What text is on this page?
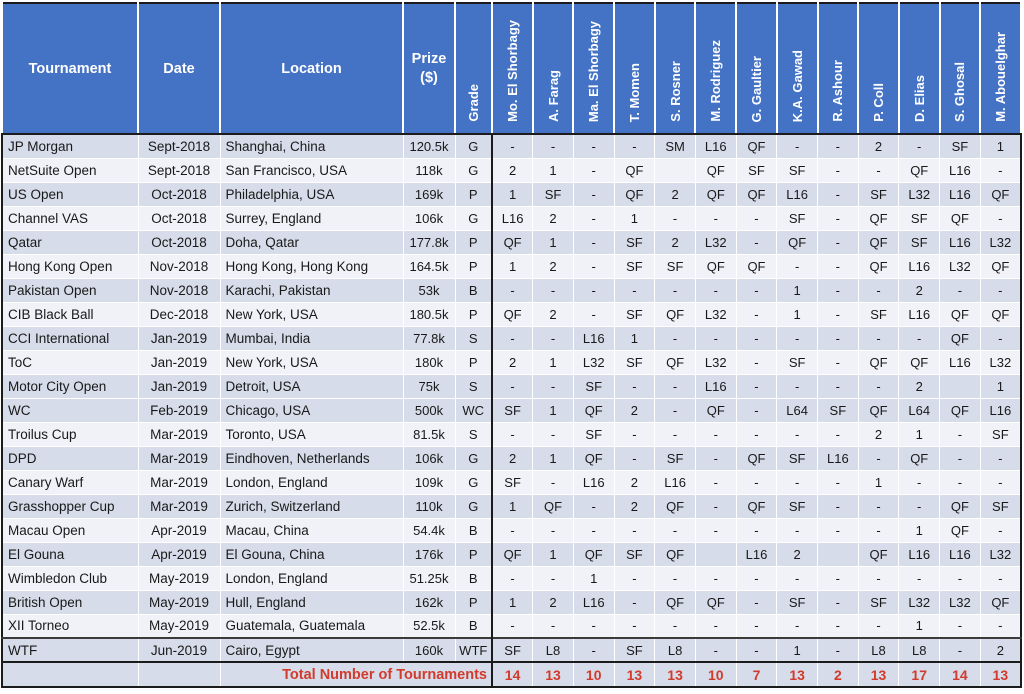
Tournament	Date	Location	Prize ($)	Grade	Mo. El Shorbagy	A. Farag	Ma. El Shorbagy	T. Momen	S. Rosner	M. Rodriguez	G. Gaultier	K.A. Gawad	R. Ashour	P. Coll	D. Elias	S. Ghosal	M. Abouelghar
JP Morgan	Sept-2018	Shanghai, China	120.5k	G	-	-	-	-	SM	L16	QF	-	-	2	-	SF	1
NetSuite Open	Sept-2018	San Francisco, USA	118k	G	2	1	-	QF		QF	SF	SF	-	-	QF	L16	-
US Open	Oct-2018	Philadelphia, USA	169k	P	1	SF	-	QF	2	QF	QF	L16	-	SF	L32	L16	QF
Channel VAS	Oct-2018	Surrey, England	106k	G	L16	2	-	1	-	-	-	SF	-	QF	SF	QF	-
Qatar	Oct-2018	Doha, Qatar	177.8k	P	QF	1	-	SF	2	L32	-	QF	-	QF	SF	L16	L32
Hong Kong Open	Nov-2018	Hong Kong, Hong Kong	164.5k	P	1	2	-	SF	SF	QF	QF	-	-	QF	L16	L32	QF
Pakistan Open	Nov-2018	Karachi, Pakistan	53k	B	-	-	-	-	-	-	-	1	-	-	2	-	-
CIB Black Ball	Dec-2018	New York, USA	180.5k	P	QF	2	-	SF	QF	L32	-	1	-	SF	L16	QF	QF
CCI International	Jan-2019	Mumbai, India	77.8k	S	-	-	L16	1	-	-	-	-	-	-	-	QF	-
ToC	Jan-2019	New York, USA	180k	P	2	1	L32	SF	QF	L32	-	SF	-	QF	QF	L16	L32
Motor City Open	Jan-2019	Detroit, USA	75k	S	-	-	SF	-	-	L16	-	-	-	-	2		1
WC	Feb-2019	Chicago, USA	500k	WC	SF	1	QF	2	-	QF	-	L64	SF	QF	L64	QF	L16
Troilus Cup	Mar-2019	Toronto, USA	81.5k	S	-	-	SF	-	-	-	-	-	-	2	1	-	SF
DPD	Mar-2019	Eindhoven, Netherlands	106k	G	2	1	QF	-	SF	-	QF	SF	L16	-	QF	-	-
Canary Warf	Mar-2019	London, England	109k	G	SF	-	L16	2	L16	-	-	-	-	1	-	-	-
Grasshopper Cup	Mar-2019	Zurich, Switzerland	110k	G	1	QF	-	2	QF	-	QF	SF	-	-	-	QF	SF
Macau Open	Apr-2019	Macau, China	54.4k	B	-	-	-	-	-	-	-	-	-	-	1	QF	-
El Gouna	Apr-2019	El Gouna, China	176k	P	QF	1	QF	SF	QF		L16	2		QF	L16	L16	L32
Wimbledon Club	May-2019	London, England	51.25k	B	-	-	1	-	-	-	-	-	-	-	-	-	-
British Open	May-2019	Hull, England	162k	P	1	2	L16	-	QF	QF	-	SF	-	SF	L32	L32	QF
XII Torneo	May-2019	Guatemala, Guatemala	52.5k	B	-	-	-	-	-	-	-	-	-	-	1	-	-
WTF	Jun-2019	Cairo, Egypt	160k	WTF	SF	L8	-	SF	L8	-	-	1	-	L8	L8	-	2
		Total Number of Tournaments			14	13	10	13	13	10	7	13	2	13	17	14	13
